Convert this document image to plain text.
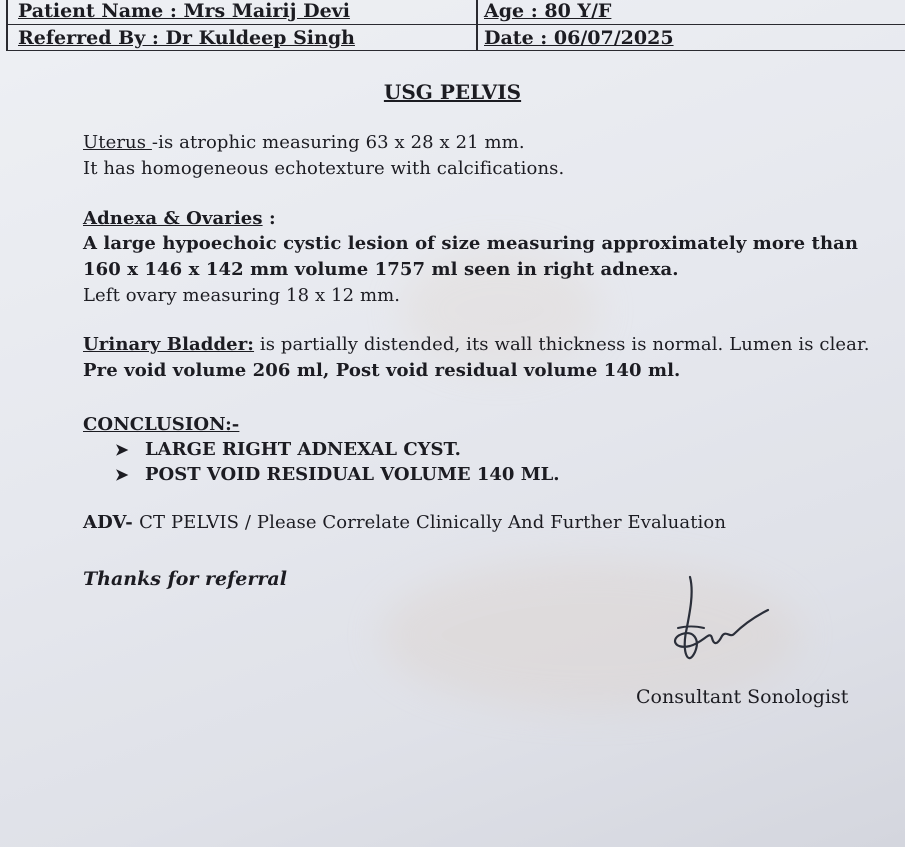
Patient Name : Mrs Mairij Devi	Age : 80 Y/F
Referred By : Dr Kuldeep Singh	Date : 06/07/2025
USG PELVIS
Uterus -is atrophic measuring 63 x 28 x 21 mm.
It has homogeneous echotexture with calcifications.
Adnexa & Ovaries :
A large hypoechoic cystic lesion of size measuring approximately more than
160 x 146 x 142 mm volume 1757 ml seen in right adnexa.
Left ovary measuring 18 x 12 mm.
Urinary Bladder: is partially distended, its wall thickness is normal. Lumen is clear.
Pre void volume 206 ml, Post void residual volume 140 ml.
CONCLUSION:-
➤ LARGE RIGHT ADNEXAL CYST.
➤ POST VOID RESIDUAL VOLUME 140 ML.
ADV- CT PELVIS / Please Correlate Clinically And Further Evaluation
Thanks for referral
Consultant Sonologist
